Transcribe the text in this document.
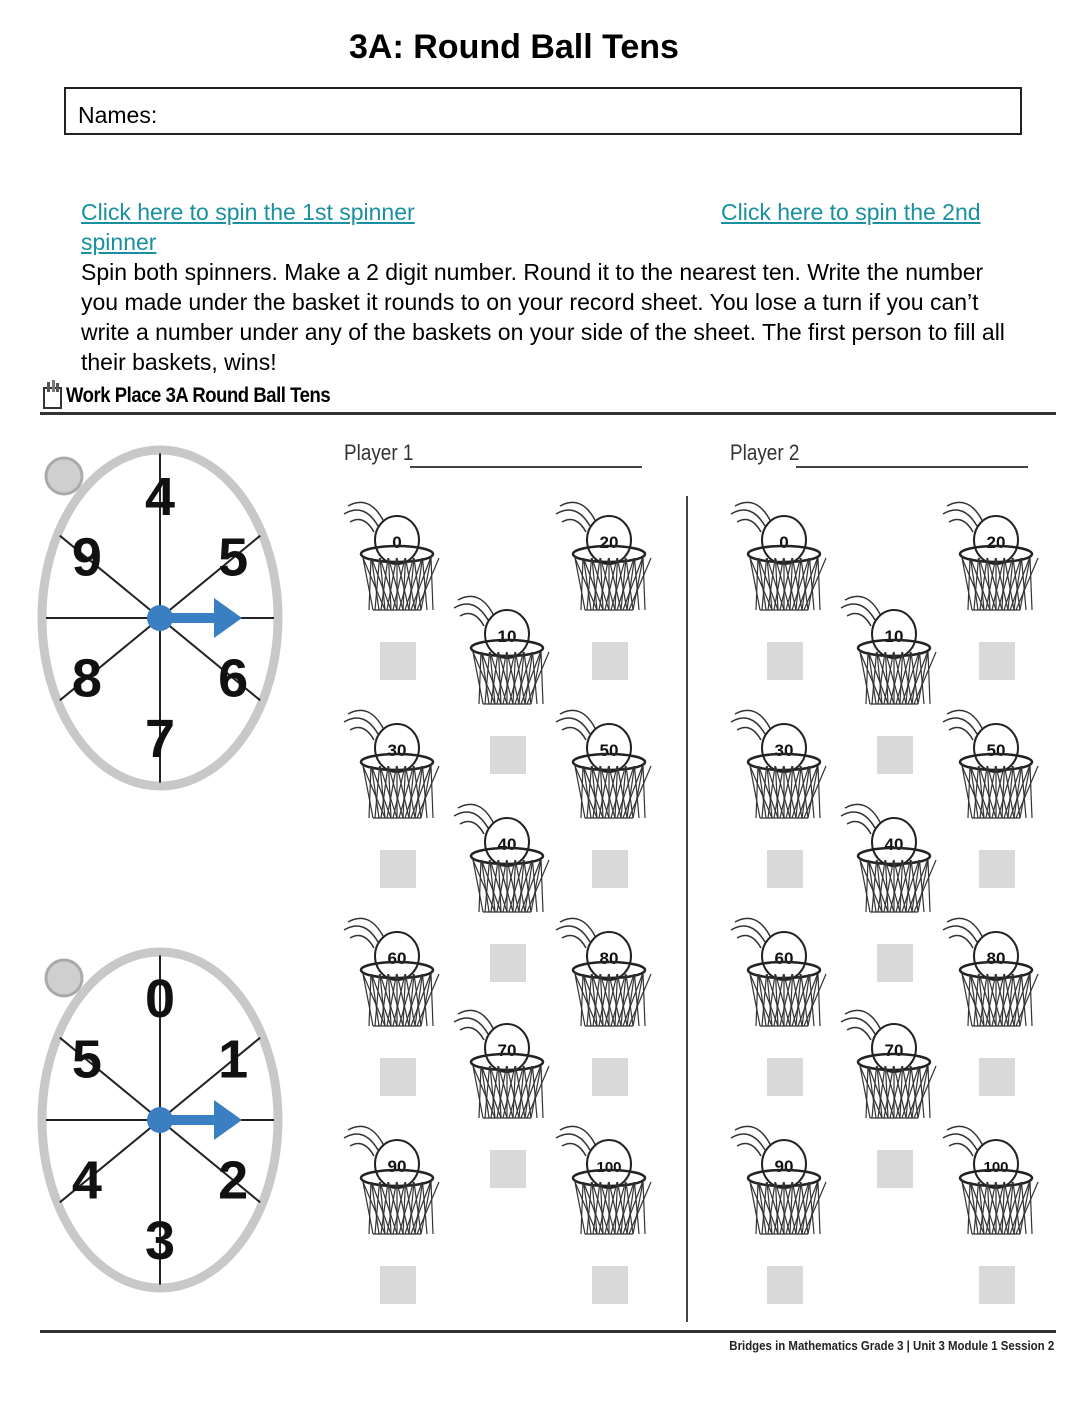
3A: Round Ball Tens
Names:
Click here to spin the 1st spinner
spinner
Click here to spin the 2nd
Spin both spinners. Make a 2 digit number. Round it to the nearest ten. Write the number you made under the basket it rounds to on your record sheet. You lose a turn if you can’t write a number under any of the baskets on your side of the sheet. The first person to fill all their baskets, wins!
Work Place 3A Round Ball Tens
4
5
6
7
8
9
0
1
2
3
4
5
Player 1	Player 2
0
10
20
30
40
50
60
70
80
90	100
0
10
20
30
40
50
60
70
80
90	100
Bridges in Mathematics Grade 3 | Unit 3 Module 1 Session 2
